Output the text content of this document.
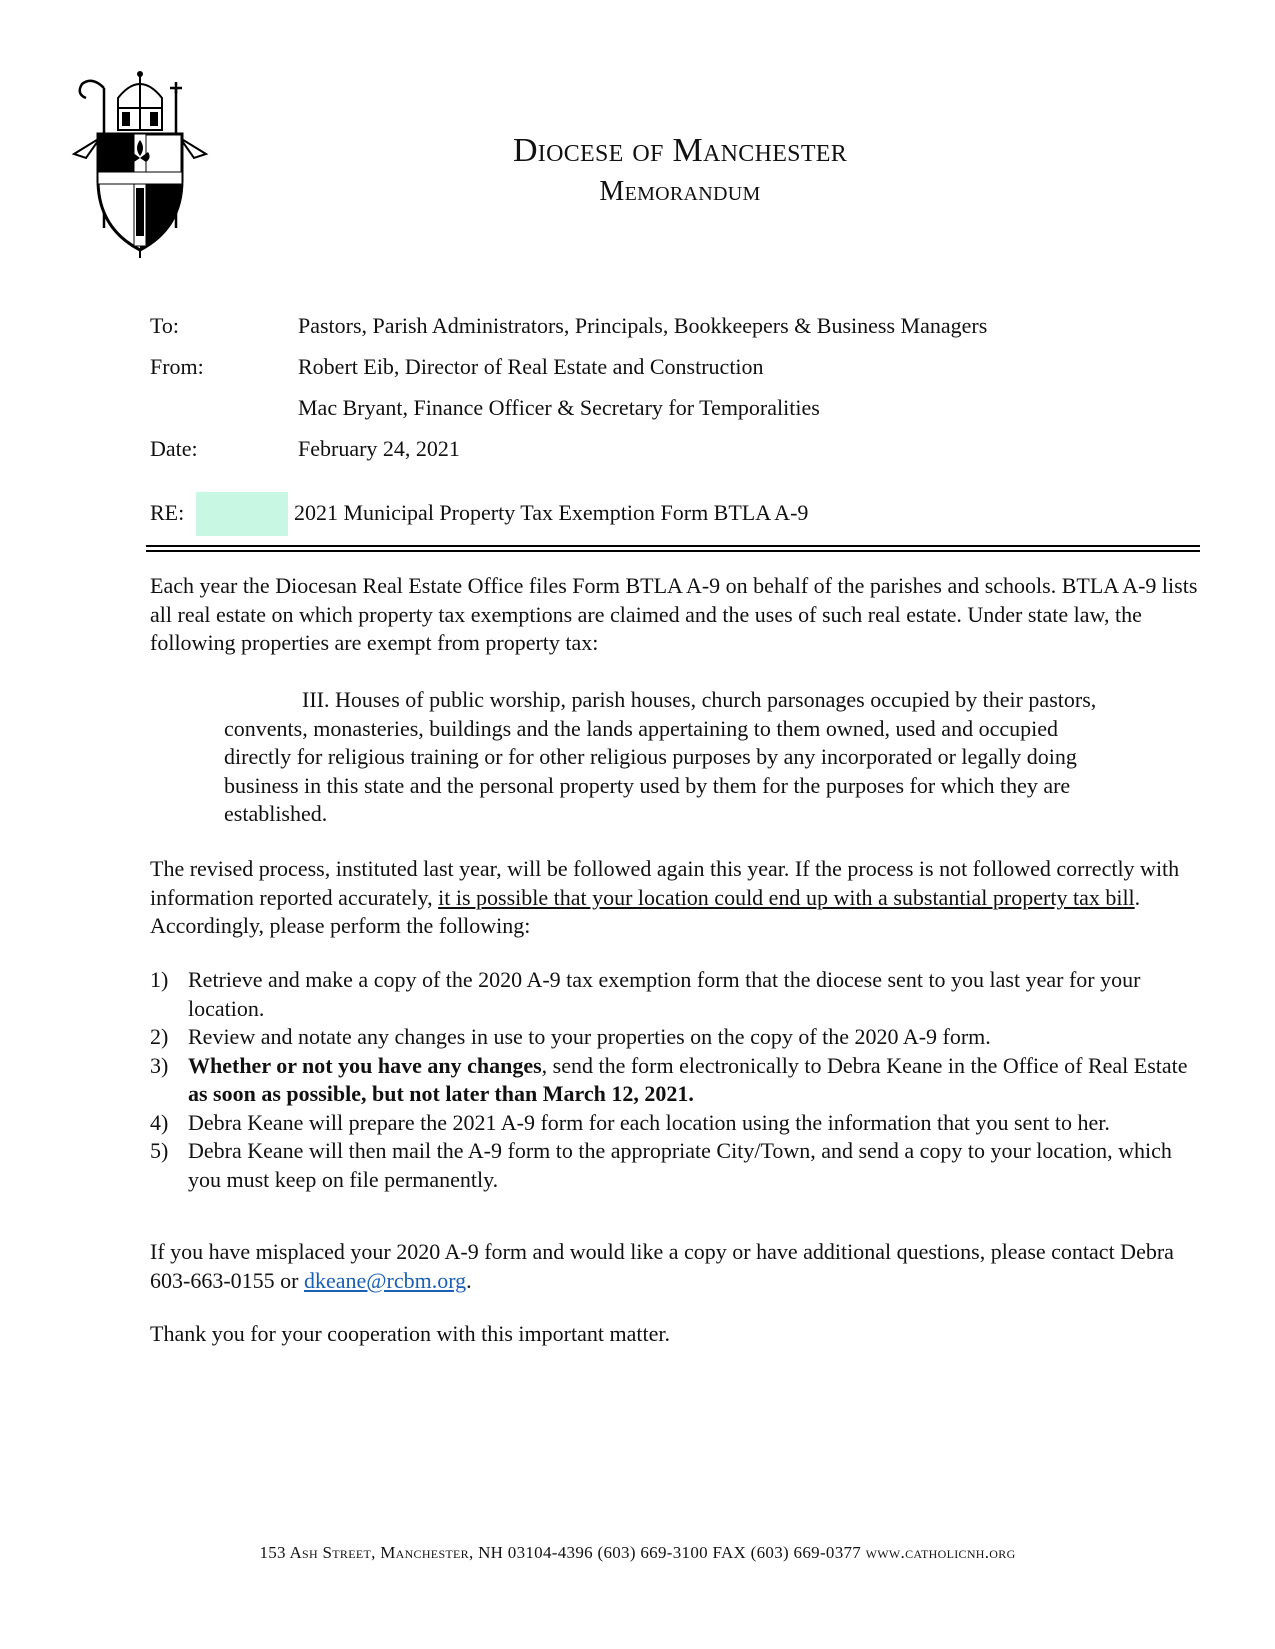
Diocese of Manchester
Memorandum
To:	Pastors, Parish Administrators, Principals, Bookkeepers & Business Managers
From:	Robert Eib, Director of Real Estate and Construction
Mac Bryant, Finance Officer & Secretary for Temporalities
Date:	February 24, 2021
RE:	2021 Municipal Property Tax Exemption Form BTLA A-9
Each year the Diocesan Real Estate Office files Form BTLA A-9 on behalf of the parishes and schools. BTLA A-9 lists all real estate on which property tax exemptions are claimed and the uses of such real estate. Under state law, the following properties are exempt from property tax:
III. Houses of public worship, parish houses, church parsonages occupied by their pastors, convents, monasteries, buildings and the lands appertaining to them owned, used and occupied directly for religious training or for other religious purposes by any incorporated or legally doing business in this state and the personal property used by them for the purposes for which they are established.
The revised process, instituted last year, will be followed again this year. If the process is not followed correctly with information reported accurately, it is possible that your location could end up with a substantial property tax bill. Accordingly, please perform the following:
1) Retrieve and make a copy of the 2020 A-9 tax exemption form that the diocese sent to you last year for your location.
2) Review and notate any changes in use to your properties on the copy of the 2020 A-9 form.
3) Whether or not you have any changes, send the form electronically to Debra Keane in the Office of Real Estate as soon as possible, but not later than March 12, 2021.
4) Debra Keane will prepare the 2021 A-9 form for each location using the information that you sent to her.
5) Debra Keane will then mail the A-9 form to the appropriate City/Town, and send a copy to your location, which you must keep on file permanently.
If you have misplaced your 2020 A-9 form and would like a copy or have additional questions, please contact Debra 603-663-0155 or dkeane@rcbm.org.
Thank you for your cooperation with this important matter.
153 Ash Street, Manchester, NH 03104-4396 (603) 669-3100 FAX (603) 669-0377 www.catholicnh.org
